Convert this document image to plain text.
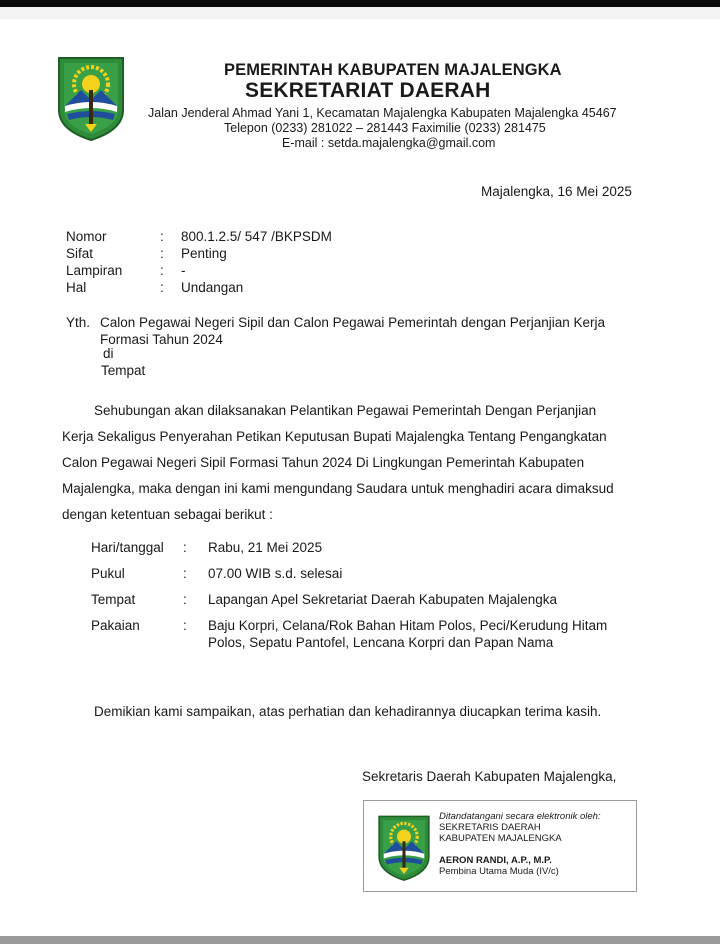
PEMERINTAH KABUPATEN MAJALENGKA
SEKRETARIAT DAERAH
Jalan Jenderal Ahmad Yani 1, Kecamatan Majalengka Kabupaten Majalengka 45467
Telepon (0233) 281022 – 281443 Faximilie (0233) 281475
E-mail : setda.majalengka@gmail.com
Majalengka, 16 Mei 2025
Nomor	:	800.1.2.5/ 547 /BKPSDM
Sifat	:	Penting
Lampiran	:	-
Hal	:	Undangan
Yth. Calon Pegawai Negeri Sipil dan Calon Pegawai Pemerintah dengan Perjanjian Kerja
Formasi Tahun 2024
di
Tempat
Sehubungan akan dilaksanakan Pelantikan Pegawai Pemerintah Dengan Perjanjian
Kerja Sekaligus Penyerahan Petikan Keputusan Bupati Majalengka Tentang Pengangkatan
Calon Pegawai Negeri Sipil Formasi Tahun 2024 Di Lingkungan Pemerintah Kabupaten
Majalengka, maka dengan ini kami mengundang Saudara untuk menghadiri acara dimaksud
dengan ketentuan sebagai berikut :
Hari/tanggal	:	Rabu, 21 Mei 2025
Pukul	:	07.00 WIB s.d. selesai
Tempat	:	Lapangan Apel Sekretariat Daerah Kabupaten Majalengka
Pakaian	:	Baju Korpri, Celana/Rok Bahan Hitam Polos, Peci/Kerudung Hitam Polos, Sepatu Pantofel, Lencana Korpri dan Papan Nama
Demikian kami sampaikan, atas perhatian dan kehadirannya diucapkan terima kasih.
Sekretaris Daerah Kabupaten Majalengka,
Ditandatangani secara elektronik oleh:
SEKRETARIS DAERAH
KABUPATEN MAJALENGKA
AERON RANDI, A.P., M.P.
Pembina Utama Muda (IV/c)
